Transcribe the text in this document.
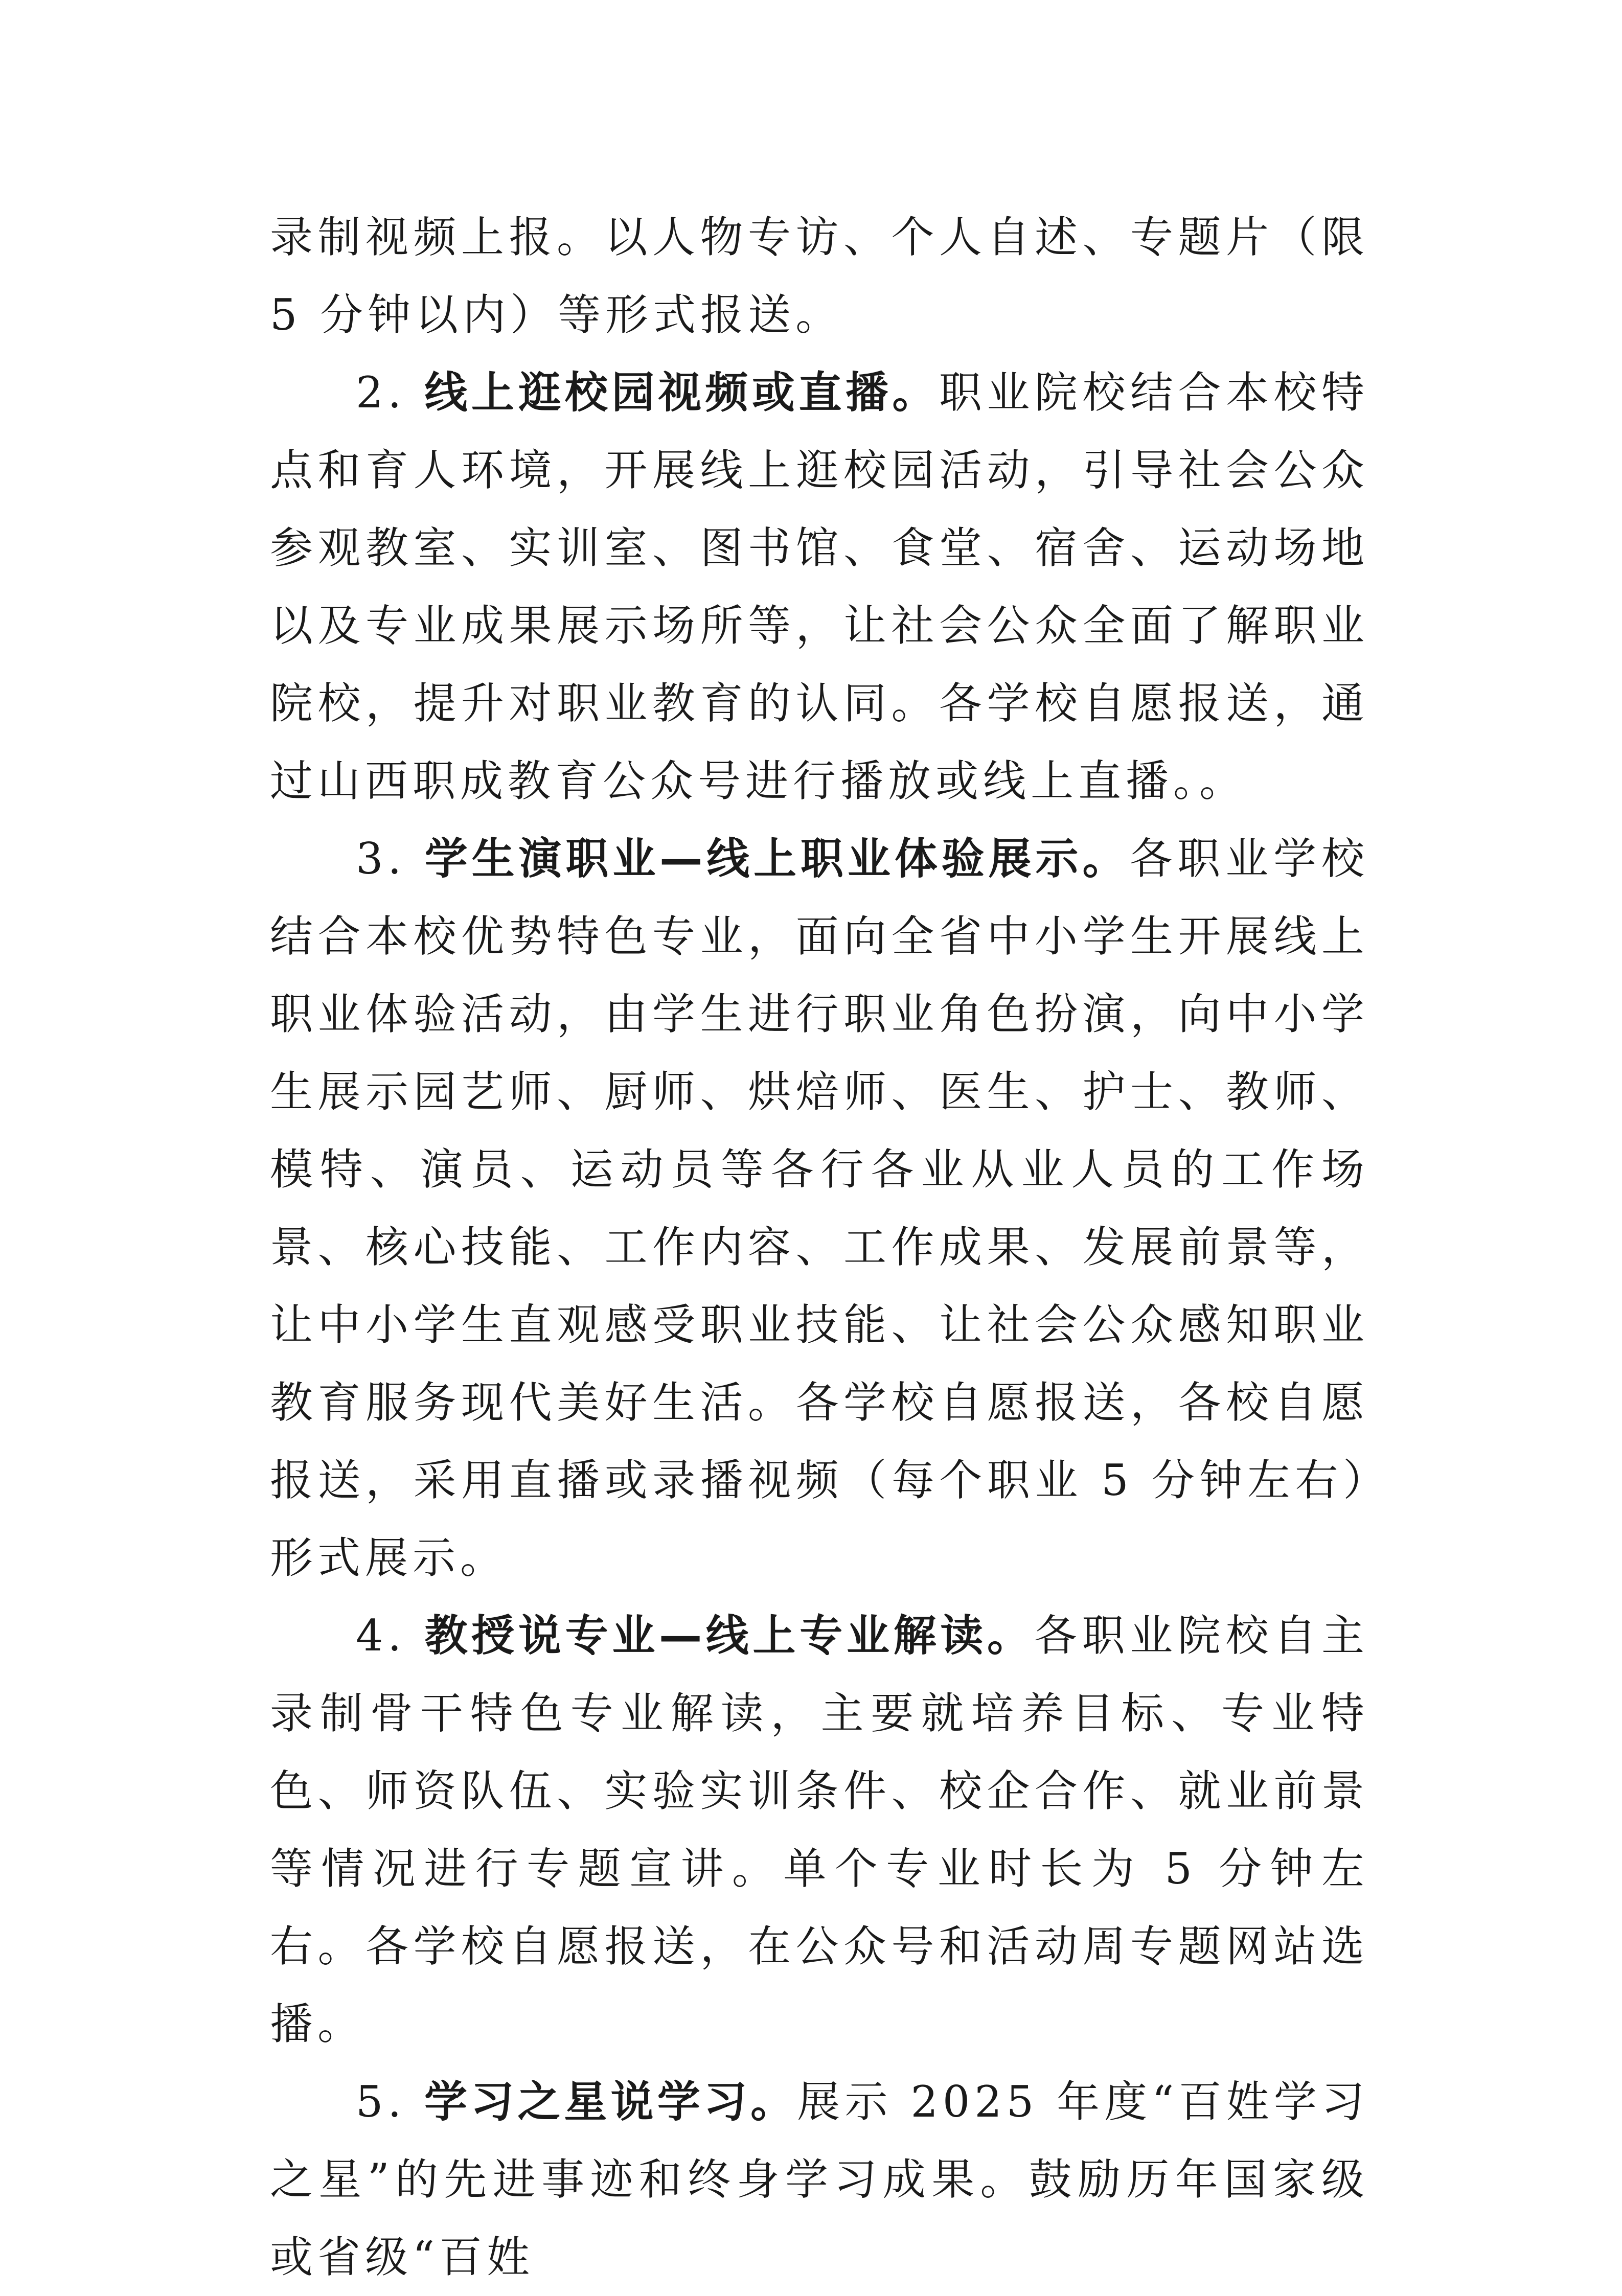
录制视频上报。以人物专访、个人自述、专题片（限 5 分钟以内）等形式报送。

2. 线上逛校园视频或直播。职业院校结合本校特点和育人环境，开展线上逛校园活动，引导社会公众参观教室、实训室、图书馆、食堂、宿舍、运动场地以及专业成果展示场所等，让社会公众全面了解职业院校，提升对职业教育的认同。各学校自愿报送，通过山西职成教育公众号进行播放或线上直播。。

3. 学生演职业—线上职业体验展示。各职业学校结合本校优势特色专业，面向全省中小学生开展线上职业体验活动，由学生进行职业角色扮演，向中小学生展示园艺师、厨师、烘焙师、医生、护士、教师、模特、演员、运动员等各行各业从业人员的工作场景、核心技能、工作内容、工作成果、发展前景等，让中小学生直观感受职业技能、让社会公众感知职业教育服务现代美好生活。各学校自愿报送，各校自愿报送，采用直播或录播视频（每个职业 5 分钟左右）形式展示。

4. 教授说专业—线上专业解读。各职业院校自主录制骨干特色专业解读，主要就培养目标、专业特色、师资队伍、实验实训条件、校企合作、就业前景等情况进行专题宣讲。单个专业时长为 5 分钟左右。各学校自愿报送，在公众号和活动周专题网站选播。

5. 学习之星说学习。展示 2025 年度“百姓学习之星”的先进事迹和终身学习成果。鼓励历年国家级或省级“百姓
